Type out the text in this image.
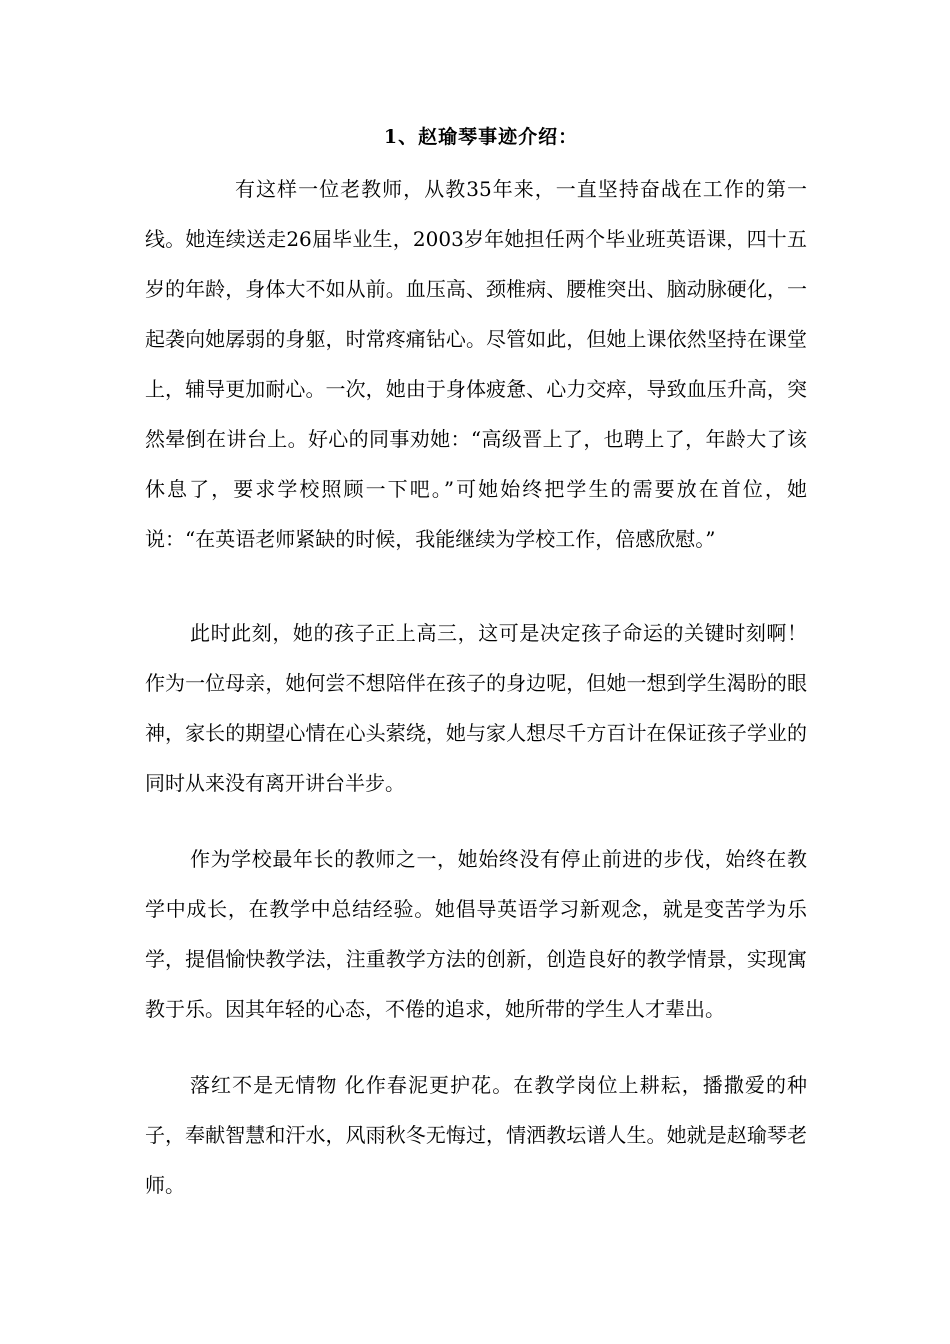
1、赵瑜琴事迹介绍：

有这样一位老教师，从教35年来，一直坚持奋战在工作的第一线。她连续送走26届毕业生，2003岁年她担任两个毕业班英语课，四十五岁的年龄，身体大不如从前。血压高、颈椎病、腰椎突出、脑动脉硬化，一起袭向她孱弱的身躯，时常疼痛钻心。尽管如此，但她上课依然坚持在课堂上，辅导更加耐心。一次，她由于身体疲惫、心力交瘁，导致血压升高，突然晕倒在讲台上。好心的同事劝她：“高级晋上了，也聘上了，年龄大了该休息了，要求学校照顾一下吧。”可她始终把学生的需要放在首位，她说：“在英语老师紧缺的时候，我能继续为学校工作，倍感欣慰。”

此时此刻，她的孩子正上高三，这可是决定孩子命运的关键时刻啊！作为一位母亲，她何尝不想陪伴在孩子的身边呢，但她一想到学生渴盼的眼神，家长的期望心情在心头萦绕，她与家人想尽千方百计在保证孩子学业的同时从来没有离开讲台半步。

作为学校最年长的教师之一，她始终没有停止前进的步伐，始终在教学中成长，在教学中总结经验。她倡导英语学习新观念，就是变苦学为乐学，提倡愉快教学法，注重教学方法的创新，创造良好的教学情景，实现寓教于乐。因其年轻的心态，不倦的追求，她所带的学生人才辈出。

落红不是无情物 化作春泥更护花。在教学岗位上耕耘，播撒爱的种子，奉献智慧和汗水，风雨秋冬无悔过，情洒教坛谱人生。她就是赵瑜琴老师。
